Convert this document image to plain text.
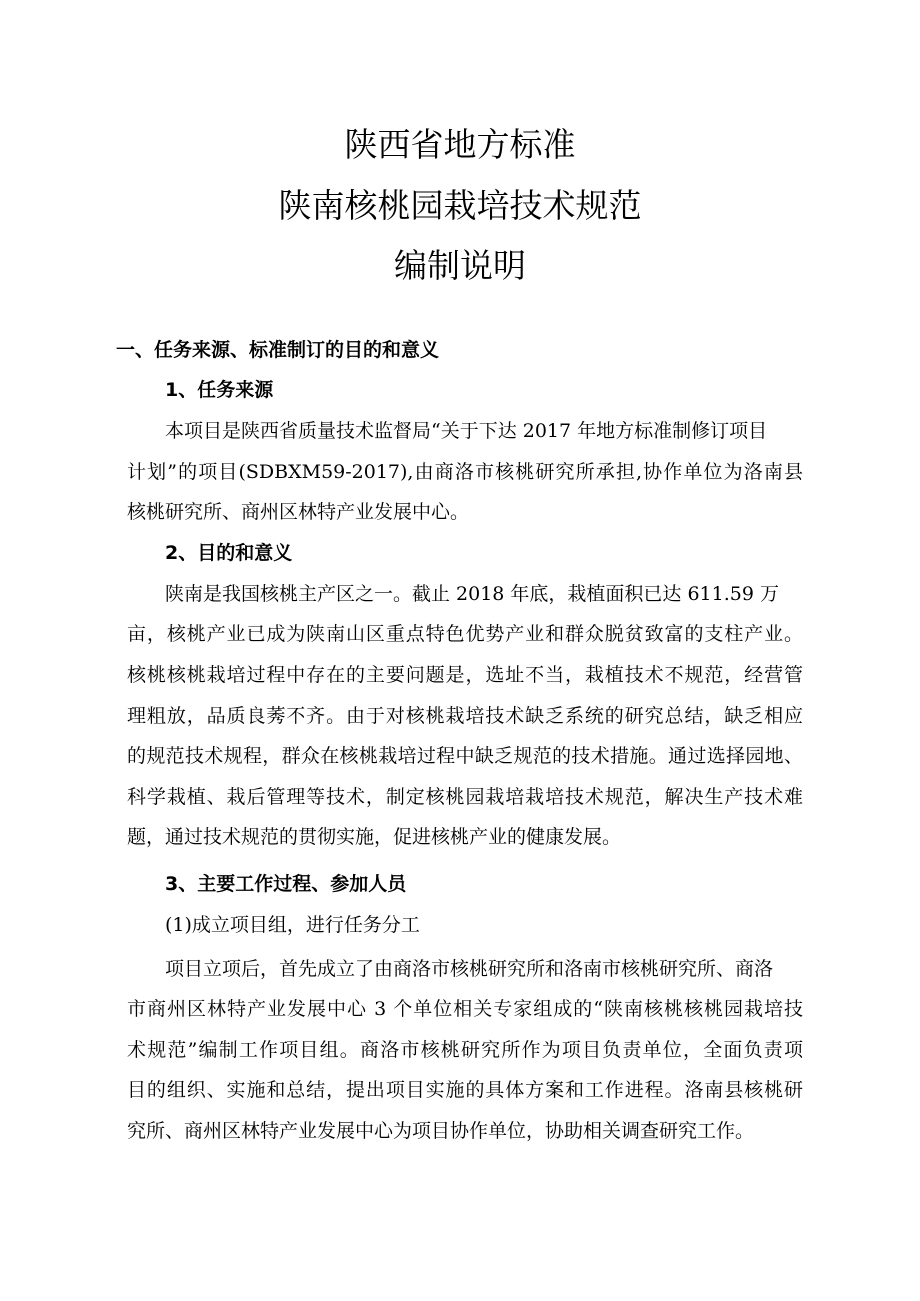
陕西省地方标准
陕南核桃园栽培技术规范
编制说明
一、任务来源、标准制订的目的和意义
1、任务来源
本项目是陕西省质量技术监督局“关于下达 2017 年地方标准制修订项目
计划”的项目(SDBXM59-2017),由商洛市核桃研究所承担,协作单位为洛南县
核桃研究所、商州区林特产业发展中心。
2、目的和意义
陕南是我国核桃主产区之一。截止 2018 年底，栽植面积已达 611.59 万
亩，核桃产业已成为陕南山区重点特色优势产业和群众脱贫致富的支柱产业。
核桃核桃栽培过程中存在的主要问题是，选址不当，栽植技术不规范，经营管
理粗放，品质良莠不齐。由于对核桃栽培技术缺乏系统的研究总结，缺乏相应
的规范技术规程，群众在核桃栽培过程中缺乏规范的技术措施。通过选择园地、
科学栽植、栽后管理等技术，制定核桃园栽培栽培技术规范，解决生产技术难
题，通过技术规范的贯彻实施，促进核桃产业的健康发展。
3、主要工作过程、参加人员
(1)成立项目组，进行任务分工
项目立项后，首先成立了由商洛市核桃研究所和洛南市核桃研究所、商洛
市商州区林特产业发展中心 3 个单位相关专家组成的“陕南核桃核桃园栽培技
术规范”编制工作项目组。商洛市核桃研究所作为项目负责单位，全面负责项
目的组织、实施和总结，提出项目实施的具体方案和工作进程。洛南县核桃研
究所、商州区林特产业发展中心为项目协作单位，协助相关调查研究工作。
